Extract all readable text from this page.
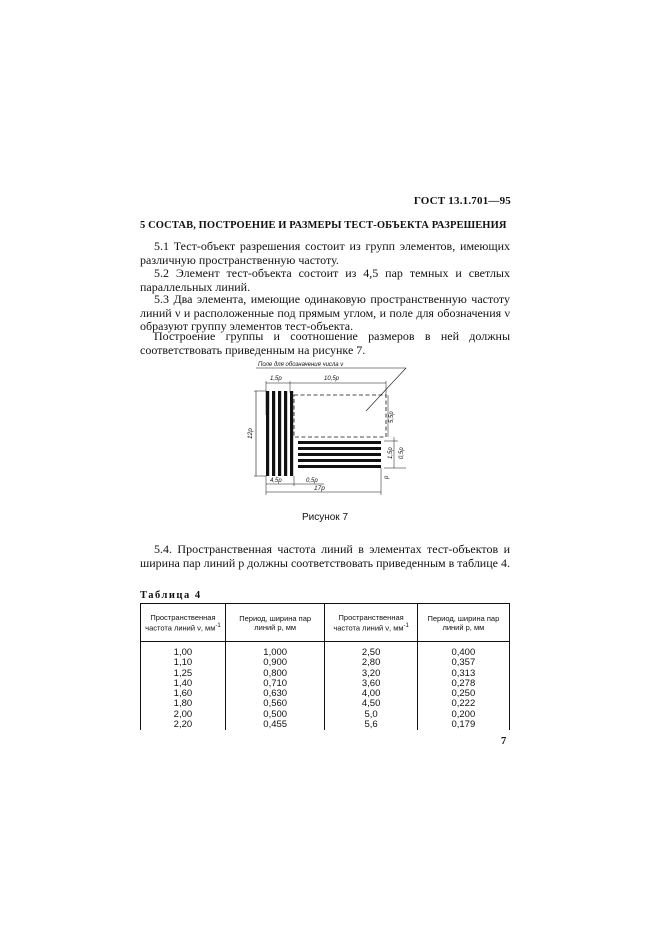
ГОСТ 13.1.701—95
5 СОСТАВ, ПОСТРОЕНИЕ И РАЗМЕРЫ ТЕСТ-ОБЪЕКТА РАЗРЕШЕНИЯ
5.1 Тест-объект разрешения состоит из групп элементов, имеющих различную пространственную частоту.
5.2 Элемент тест-объекта состоит из 4,5 пар темных и светлых параллельных линий.
5.3 Два элемента, имеющие одинаковую пространственную частоту линий ν и расположенные под прямым углом, и поле для обозначения ν образуют группу элементов тест-объекта.
Построение группы и соотношение размеров в ней должны соответствовать приведенным на рисунке 7.
Поле для обозначения числа ν
1,5p	10,5p
5,5p
12p
1,5p 0,5p
p
4,5p	0,5p
17p
Рисунок 7
5.4. Пространственная частота линий в элементах тест-объектов и ширина пар линий p должны соответствовать приведенным в таблице 4.
Таблица 4
Пространственная частота линий ν, $мм^{-1}$	Период, ширина пар линий p, мм	Пространственная частота линий ν, $мм^{-1}$	Период, ширина пар линий p, мм
1,00	1,000	2,50	0,400
1,10	0,900	2,80	0,357
1,25	0,800	3,20	0,313
1,40	0,710	3,60	0,278
1,60	0,630	4,00	0,250
1,80	0,560	4,50	0,222
2,00	0,500	5,0	0,200
2,20	0,455	5,6	0,179
7
